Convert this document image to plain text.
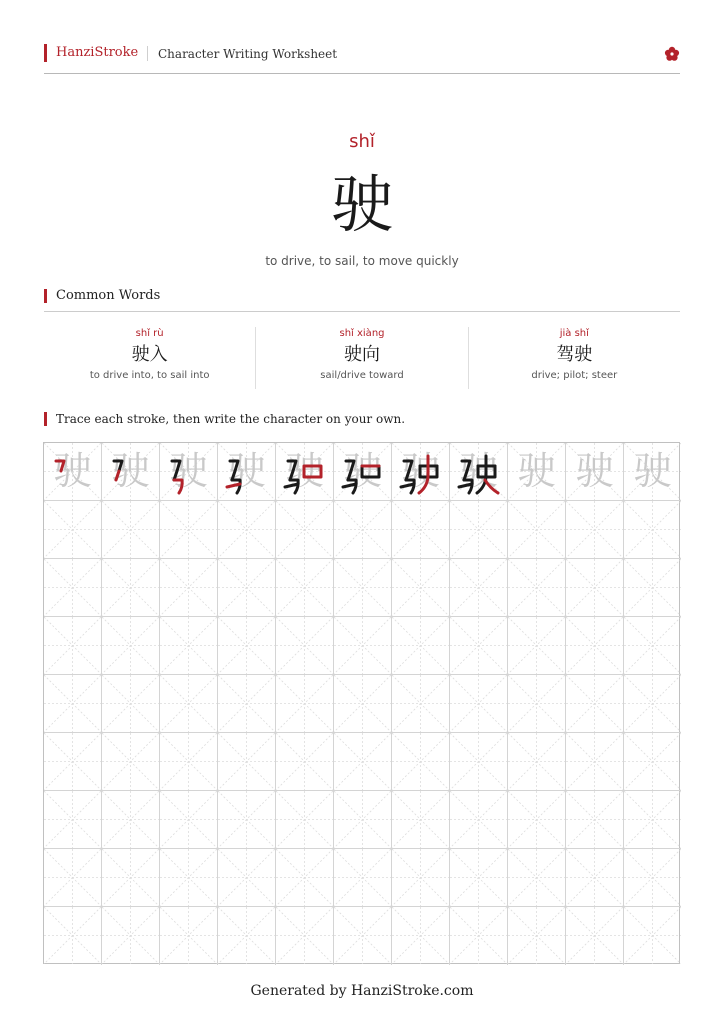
HanziStroke Character Writing Worksheet
shǐ
驶
to drive, to sail, to move quickly
Common Words
shǐ rù
驶入
to drive into, to sail into
shǐ xiàng
驶向
sail/drive toward
jià shǐ
驾驶
drive; pilot; steer
Trace each stroke, then write the character on your own.
驶 驶 驶 驶 驶 驶 驶 驶 驶 驶 驶
Generated by HanziStroke.com
